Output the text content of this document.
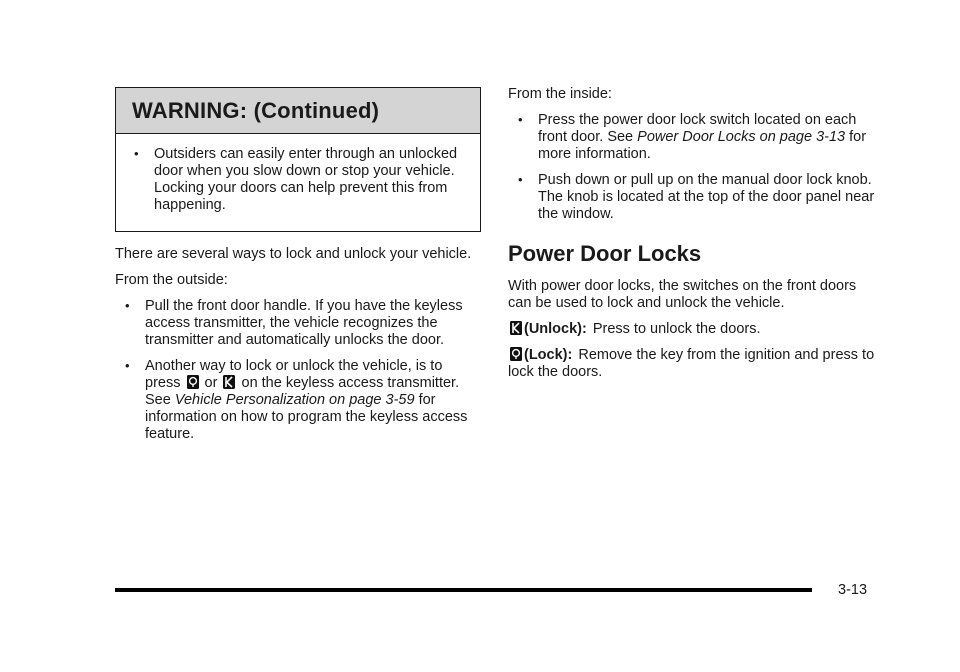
WARNING: (Continued)
• Outsiders can easily enter through an unlocked door when you slow down or stop your vehicle. Locking your doors can help prevent this from happening.

There are several ways to lock and unlock your vehicle.

From the outside:

• Pull the front door handle. If you have the keyless access transmitter, the vehicle recognizes the transmitter and automatically unlocks the door.
• Another way to lock or unlock the vehicle, is to
press or on the keyless access transmitter.
See Vehicle Personalization on page 3-59 for information on how to program the keyless access feature.

From the inside:

• Press the power door lock switch located on each front door. See Power Door Locks on page 3-13 for more information.
• Push down or pull up on the manual door lock knob. The knob is located at the top of the door panel near the window.
Power Door Locks

With power door locks, the switches on the front doors can be used to lock and unlock the vehicle.

(Unlock): Press to unlock the doors.

(Lock): Remove the key from the ignition and press to lock the doors.

3-13
